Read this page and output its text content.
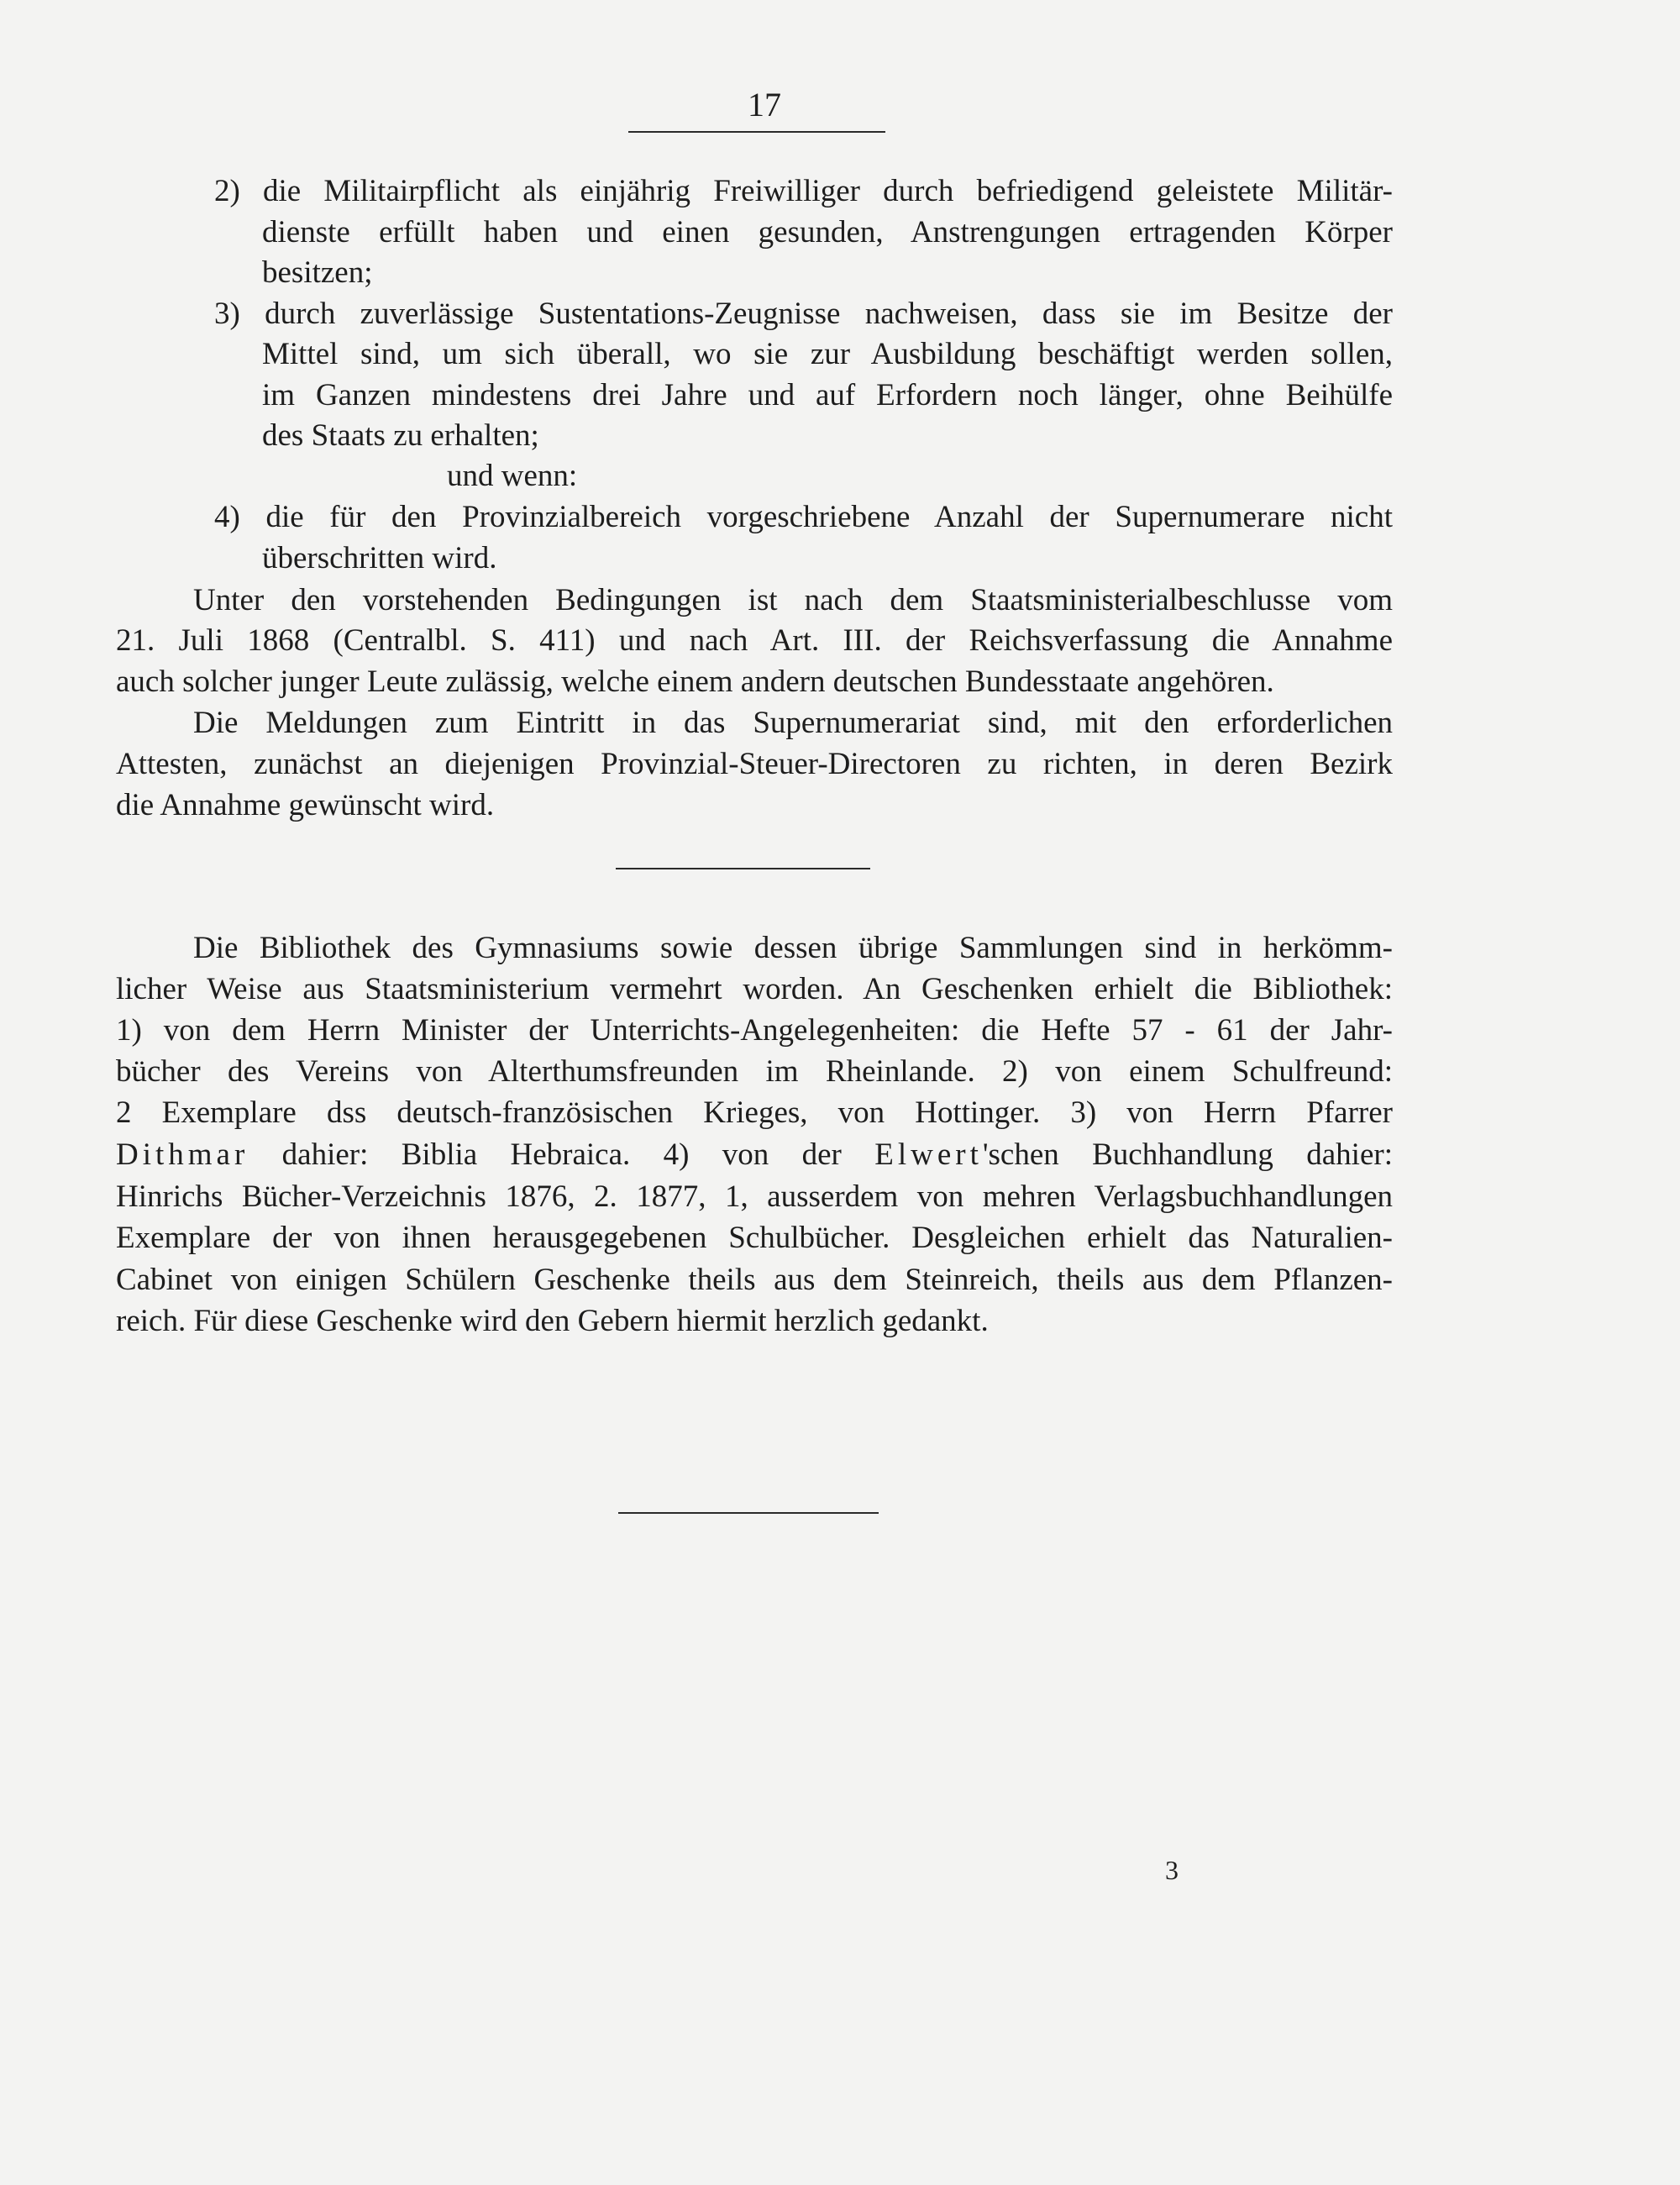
17
2) die Militairpflicht als einjährig Freiwilliger durch befriedigend geleistete Militär-
dienste erfüllt haben und einen gesunden, Anstrengungen ertragenden Körper
besitzen;
3) durch zuverlässige Sustentations-Zeugnisse nachweisen, dass sie im Besitze der
Mittel sind, um sich überall, wo sie zur Ausbildung beschäftigt werden sollen,
im Ganzen mindestens drei Jahre und auf Erfordern noch länger, ohne Beihülfe
des Staats zu erhalten;
und wenn:
4) die für den Provinzialbereich vorgeschriebene Anzahl der Supernumerare nicht
überschritten wird.
Unter den vorstehenden Bedingungen ist nach dem Staatsministerialbeschlusse vom
21. Juli 1868 (Centralbl. S. 411) und nach Art. III. der Reichsverfassung die Annahme
auch solcher junger Leute zulässig, welche einem andern deutschen Bundesstaate angehören.
Die Meldungen zum Eintritt in das Supernumerariat sind, mit den erforderlichen
Attesten, zunächst an diejenigen Provinzial-Steuer-Directoren zu richten, in deren Bezirk
die Annahme gewünscht wird.
Die Bibliothek des Gymnasiums sowie dessen übrige Sammlungen sind in herkömm-
licher Weise aus Staatsministerium vermehrt worden. An Geschenken erhielt die Bibliothek:
1) von dem Herrn Minister der Unterrichts-Angelegenheiten: die Hefte 57 - 61 der Jahr-
bücher des Vereins von Alterthumsfreunden im Rheinlande. 2) von einem Schulfreund:
2 Exemplare dss deutsch-französischen Krieges, von Hottinger. 3) von Herrn Pfarrer
Dithmar dahier: Biblia Hebraica. 4) von der Elwert'schen Buchhandlung dahier:
Hinrichs Bücher-Verzeichnis 1876, 2. 1877, 1, ausserdem von mehren Verlagsbuchhandlungen
Exemplare der von ihnen herausgegebenen Schulbücher. Desgleichen erhielt das Naturalien-
Cabinet von einigen Schülern Geschenke theils aus dem Steinreich, theils aus dem Pflanzen-
reich. Für diese Geschenke wird den Gebern hiermit herzlich gedankt.
3
